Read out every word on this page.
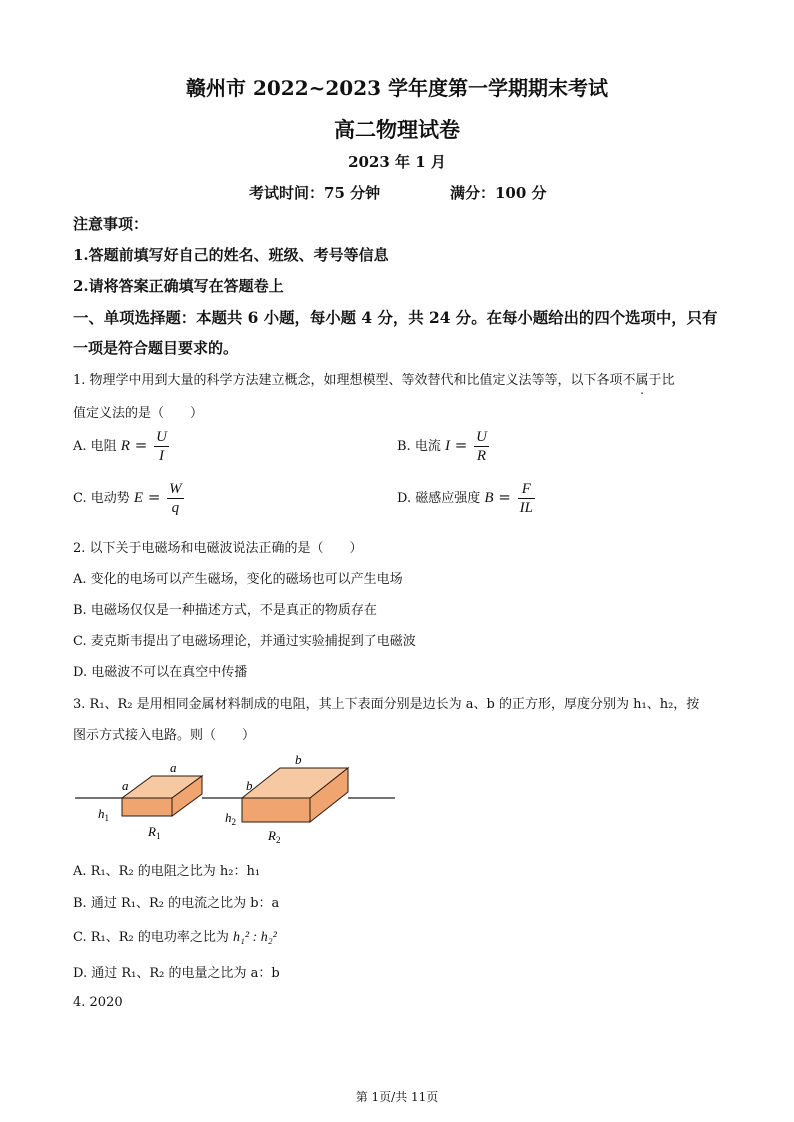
赣州市 2022~2023 学年度第一学期期末考试
高二物理试卷
2023 年 1 月
考试时间：75 分钟	满分：100 分
注意事项：
1.答题前填写好自己的姓名、班级、考号等信息
2.请将答案正确填写在答题卷上
一、单项选择题：本题共 6 小题，每小题 4 分，共 24 分。在每小题给出的四个选项中，只有
一项是符合题目要求的。
1. 物理学中用到大量的科学方法建立概念，如理想模型、等效替代和比值定义法等等，以下各项不属于比
值定义法的是（　　）
A. 电阻 $R = \frac{U}{I}$	B. 电流 $I = \frac{U}{R}$
C. 电动势 $E = \frac{W}{q}$	D. 磁感应强度 $B = \frac{F}{IL}$
2. 以下关于电磁场和电磁波说法正确的是（　　）
A. 变化的电场可以产生磁场，变化的磁场也可以产生电场
B. 电磁场仅仅是一种描述方式，不是真正的物质存在
C. 麦克斯韦提出了电磁场理论，并通过实验捕捉到了电磁波
D. 电磁波不可以在真空中传播
3. R₁、R₂ 是用相同金属材料制成的电阻，其上下表面分别是边长为 a、b 的正方形，厚度分别为 h₁、h₂，按
图示方式接入电路。则（　　）
a
a
b
b
$h_1$	$h_2$
$R_1$	$R_2$
A. R₁、R₂ 的电阻之比为 h₂：h₁
B. 通过 R₁、R₂ 的电流之比为 b：a
C. R₁、R₂ 的电功率之比为 h₁² : h₂²
D. 通过 R₁、R₂ 的电量之比为 a：b
4. 2020
第 1页/共 11页
